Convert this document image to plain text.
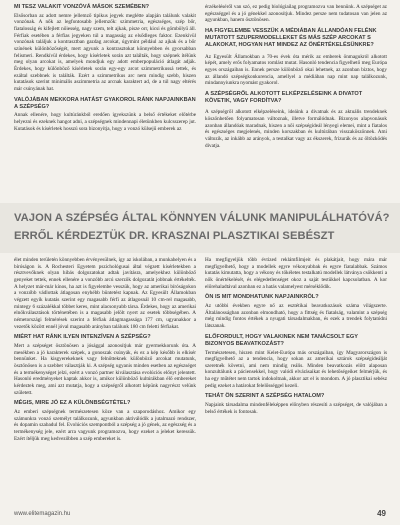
MI TESZ VALAKIT VONZÓVÁ MÁSOK SZEMÉBEN?
Elsősorban az adott nemre jellemző tipikus jegyek meglétte alapján találunk valakit vonzónak. A nők az legfontosabb jellemzők: szimmetria, egészséges, szép bőr, fiatalosság és kifejlett nőiesség, nagy szem, telt ajkak, pisze orr, kicsi és gömbölyű áll. Férfiak esetében a férfias jegyeken túl a magasság az elsődleges faktor. Ezenkívül vonzónak találjuk a kontrasztban gazdag arcokat, úgymint például az ajkak és a bőr színének különbözőségét, mert agyunk a kontrasztokat könnyebben és gyorsabban felismeri. Rendkívül érdekes, hogy kísérletek során azt találták, hogy szépnek ítélünk meg olyan arcokat is, amelyek mondjuk egy adott emberpopuláció átlagát adják. Érdekes, hogy különböző kísérletek során egy-egy arcot szimmetrikussá tettek, és ezáltal szebbnek is találták. Ezért a szimmetrikus arc nem mindig szebb, hiszen kutatások szerint minimális aszimmetria az arcnak karaktert ad, de a túl nagy eltérés már csúnyának hat.
VALÓJÁBAN MEKKORA HATÁST GYAKOROL RÁNK NAPJAINKBAN A SZÉPSÉG?
Annak ellenére, hogy kultúránkból eredően igyekszünk a belső értékeket előtérbe helyezni és ezeknek hangot adni, a szépségnek mindennapi életünkben kulcsszerep jut. Kutatások és kísérletek hosszú sora bizonyítja, hogy a vonzó külsejű emberek az
érzékeléséről van szó, ez pedig biológiailag programozva van bennünk. A szépséget az egészséggel és a jó génekkel azonosítjuk. Mindez persze nem tudatosan van jelen az agyunkban, hanem ösztönösen.
HA FIGYELEMBE VESSZÜK A MÉDIÁBAN ÁLLANDÓAN FELÉNK MUTATOTT SZUPERMODELLEKET ÉS MÁS SZÉP ARCOKAT S ALAKOKAT, HOGYAN HAT MINDEZ AZ ÖNÉRTÉKELÉSÜNKRE?
Az Egyesült Államokban a 70-es évek óta mérik az emberek önmagukról alkotott képét, amely erős folyamatos romlást mutat. Hasonló tendencia figyelhető meg Európa egyes országaiban is. Ennek persze különböző okai lehetnek, az azonban biztos, hogy az állandó szépségkonkurencia, amellyel a médiában nap mint nap találkozunk, mindannyiunkra nyomást gyakorol.
A SZÉPSÉGRŐL ALKOTOTT ELKÉPZELÉSEINK A DIVATOT KÖVETIK, VAGY FORDÍTVA?
A szépségről alkotott elképzeléseink, ideáink a divatnak és az aktuális trendeknek köszönhetően folyamatosan változnak, illetve formálódnak. Bizonyos alapvonások azonban állandóak maradnak, hiszen a női szépségideál lényegi elemei, mint a fiatalos és egészséges megjelenés, minden korszakban és kultúrában visszaköszönnek. Ami változik, az inkább az arányok, a testalkat vagy az ékszerek, frizurák és az öltözködés divatja.
VAJON A SZÉPSÉG ÁLTAL KÖNNYEN VÁLUNK MANIPULÁLHATÓVÁ? ERRŐL KÉRDEZTÜK DR. KRASZNAI PLASZTIKAI SEBÉSZT
élet minden területén könnyebben érvényesülnek, így az iskolában, a munkahelyen és a bíróságon is. A Rochesteri Egyetem pszichológusai által végzett kísérletekben a résztvevőknek olyan hibás dolgozatokat adtak javításra, amelyekhez különböző genyeket tettek, ennek ellenére a vonzóbb arcú szerzők dolgozatát jobbnak értékelték. A helyzet már-már kínos, ha azt is figyelembe vesszük, hogy az amerikai bíróságokon a vonzóbb vádlottak átlagosan enyhébb büntetést kapnak. Az Egyesült Államokban végzett egyik kutatás szerint egy magasabb férfi az átlagosnál 10 cm-rel magasabb, mintegy 6 százalékkal többet keres, mint alacsonyabb társa. Érdekes, hogy az amerikai elnökválasztások történetében is a magasabb jelölt nyert az esetek többségében. A németországi felmérések szerint a férfiak átlagmagassága 177 cm, ugyanakkor a vezetők között ennél jóval magasabb arányban találunk 180 cm feletti férfiakat.
MIÉRT HAT RÁNK ILYEN INTENZÍVEN A SZÉPSÉG?
Mert a szépséget ösztönösen a jósággal azonosítjuk már gyermekkorunk óta. A mesékben a jó karakterek szépek, a gonoszak csúnyák, és ez a kép később is elkísér bennünket. Ha kisgyerekeknek vagy felnőtteknek különböző arcokat mutatunk, ösztönösen is a szebbet választják ki. A szépség ugyanis minden esetben az egészséget és a termékenységet jelzi, ezért a vonzó partner kiválasztása evolúciós előnyt jelentett. Hasonló eredményeket kaptak akkor is, amikor különböző kultúrákban élő embereket kérdeztek meg, ami azt mutatja, hogy a szépségről alkotott képünk nagyrészt velünk született.
MÉGIS, MIRE JÓ EZ A KÜLÖNBSÉGTÉTEL?
Az emberi szépségnek természetesen köze van a szaporodáshoz. Amikor egy számunkra vonzó személyt találkozunk, agyunkban aktiválódik a jutalmazó rendszer, és dopamin szabadul fel. Evolúciós szempontból a szépség a jó gének, az egészség és a termékenység jele, ezért arra vagyunk programozva, hogy ezeket a jeleket keressük. Ezért ítéljük meg kedvezőbben a szép embereket is.
Ha megfigyeljük több évtized reklámfilmjeit és plakátjait, hogy mára már megfigyelhető, hogy a modellek egyre vékonyabbak és egyre fiatalabbak. Számos kutatás kimutatta, hogy a vékony és tökéletes testalkatú modellek látványa csökkenti a nők önértékelését, és elégedetlenséget okoz a saját testükkel kapcsolatban. A kor előrehaladtával azonban ez a hatás valamelyest mérséklődik.
ÖN IS MIT MONDHATUNK NAPJAINKRÓL?
Az utóbbi években egyre nő az esztétikai beavatkozások száma világszerte. Általánosságban azonban elmondható, hogy a fittség és fiatalság, valamint a szépség még mindig fontos értékek a nyugati társadalmakban, és ezek a trendek folytatódni látszanak.
ELŐFORDULT, HOGY VALAKINEK NEM TANÁCSOLT EGY BIZONYOS BEAVATKOZÁST?
Természetesen, hiszen mint Kelet-Európa más országaiban, így Magyarországon is megfigyelhető az a tendencia, hogy sokan az amerikai sztárok szépségideálját szeretnék követni, ami nem mindig reális. Minden beavatkozás előtt alaposan konzultálunk a páciensekkel, hogy valódi elvárásaikat és lehetőségeiket felmérjük, és ha egy műtétet nem tartok indokoltnak, akkor azt el is mondom. A jó plasztikai sebész pedig ezeket a határokat felelősséggel kezeli.
TEHÁT ÖN SZERINT A SZÉPSÉG HATALOM?
Napjaink társadalma mindenféleképpen előnyben részesíti a szépséget, de valójában a belső értékek is fontosak.
www.elitemagazin.hu	49
